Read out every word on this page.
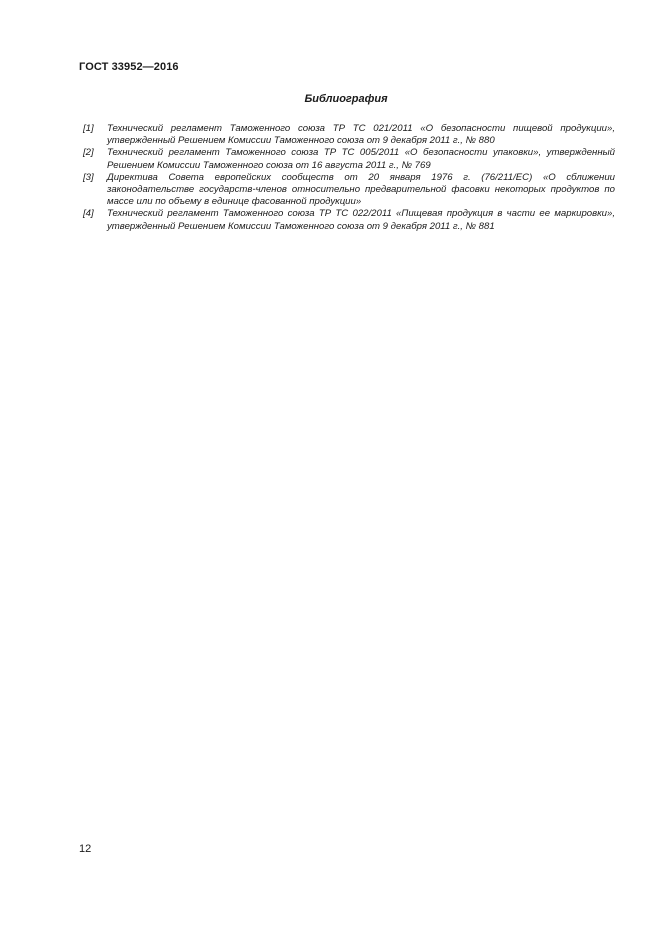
ГОСТ 33952—2016
Библиография
[1]	Технический регламент Таможенного союза ТР ТС 021/2011 «О безопасности пищевой продукции», утвержденный Решением Комиссии Таможенного союза от 9 декабря 2011 г., № 880
[2]	Технический регламент Таможенного союза ТР ТС 005/2011 «О безопасности упаковки», утвержденный Решением Комиссии Таможенного союза от 16 августа 2011 г., № 769
[3]	Директива Совета европейских сообществ от 20 января 1976 г. (76/211/ЕС) «О сближении законодательстве государств-членов относительно предварительной фасовки некоторых продуктов по массе или по объему в единице фасованной продукции»
[4]	Технический регламент Таможенного союза ТР ТС 022/2011 «Пищевая продукция в части ее маркировки», утвержденный Решением Комиссии Таможенного союза от 9 декабря 2011 г., № 881
12
